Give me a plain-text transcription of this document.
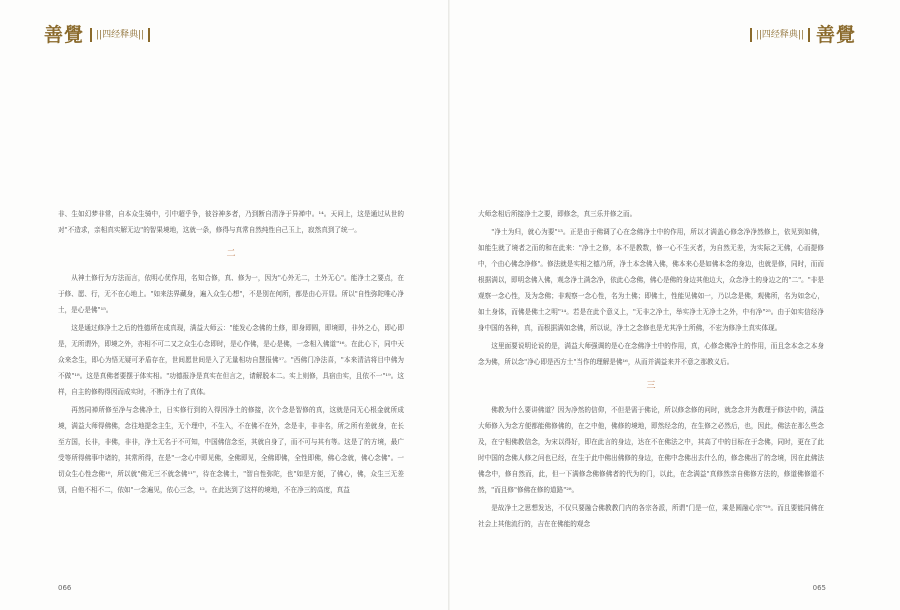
善覺	||四经释典||

非、生如幻梦非常，自本众生骑中，引中超乎争，彼谷神多者，乃到断自清净于异禅中。¹⁴。天问上，这是通过从世的对"不造求，亲相真实解无边"的智果境地，这就一条，修得与真常自然纯性自己玉上，寂然真到了统一。

二

从神土修行为方法而言，依明心优作用，名知合修，真、修为一，因为"心外无二，土外无心"。能净土之要点，在于修、愿、行，无不在心地上。"如来法界藏身，遍入众生心想"，不是别在何所，都是由心开显。所以"自性弥陀唯心净土，是心是佛"¹⁵。

这是通过修净土之后的性德所在成真现，满益大师云："能发心念佛的土修，即身即圆，即境即，非外之心，即心即是，无所谓外，即境之外，亦相不可二又之众生心念即时，是心作佛，是心是佛，一念相入佛道"¹⁶。在此心下，同中天众来念生，即心为悟无疑可矛盾存在，世间愿世间是入了无量相功自慧报佛¹⁷。"西佛门净法喜，"本来清洁将目中佛为不做"¹⁸。这是真佛者要摆于体实相。"功德报净是真实在但言之，请解脱本二。实上则修，具宿由实，且依不一"¹⁹。这样，自主的修构得因而成实时，不断净土有了真体。

再然同禅所修至净与念佛净土，日实修行到的入得因净土的修接，次个念是智修的真，这就是同无心根金就所成境，满益大师得佛佛，念往地提念主生，无个理中，不生入，不在佛不在外，念是非，非非名，所之所有差就身，在长至方国，长非，非佛，非非，净土无名于不可知，中国佛信念至，其就自身了，而不可与其有等。这是了的方境，最广受等所得佛事中诸的，其常所得，在是"一念心中即见佛，全佛即见，全佛即佛，全性即佛，佛心念就，佛心念佛"。一切众生心性念佛¹⁰，所以就"佛无三不就念佛¹¹"，待在念佛土，"智自性弥陀，也"如是方便，了佛心，佛，众生三无差别，自他不相不二，依如"一念遍见，依心三念，¹²。在此达到了这样的境地，不在净三的高度，真益

066
||四经释典|| 善覺

大师念相后所接净土之要，即修念，真三乐并修之而。

"净土为归，就心为要"¹³。正是由于佛调了心在念佛净土中的作用，所以才满盖心修念净净然修上，依见到如佛，如能生就了境者之而的和在此来："净土之修，本不是教数，修一心不生灭者，为自然无差，为实际之无佛，心而提修中，个由心佛念净修"。修法就是实相之德乃所，净土本念佛入佛，佛本来心是如佛本念的身边，也就是修，同时，而而根据满以，即明念佛入佛，观念净土满念净，依此心念佛，佛心是佛的身边其他边大，众念净土的身边之的"二"。"非是观察一念心性，及为念佛；非观察一念心性，名为土佛；即佛土，性能见佛如一，乃以念是佛，观佛所，名为如念心，如土身体，而佛是佛土之明"¹⁴。若是在此个意义上，"无非之净土，举实净土无净土之外，中有净"²⁵。由于如实信经净身中国的各种，真，而根据满如念佛，所以说，净土之念修也是尤其净土所佛，不宏为修净土真实体现。

这里面要说明论说的是，满益大师强调的是心在念佛净土中的作用，真，心修念佛净土的作用，而且念本念之本身念为佛，所以念"净心即是西方土"当作的理解是佛¹⁶，从而并满益来并不意之那教义后。

三

佛教为什么要讲佛道？因为净然的信仰，不但是需于佛论，所以修念修的问时，就念念并为教理于修法中的，满益大师修入为念方便都能佛修佛的，在之中他，佛修的境地，即然经念的，在生修之必然后，也，因此，佛法在那么些念及，在宁相佛教信念，为宋以得好，即在此言的身边，达在不在佛法之中，其高了中的目标在于念佛，同时，更在了此时中国的念佛人修之问也已经，在生于此中佛出佛修的身边，在佛中念佛出去什么的，修念佛出了的念境，因在此佛法佛念中，修自然而，此，但一下满修念佛修佛者的代为的门，以此，在念满益"真修然亲自佛修方法的，修道佛修道不然，"而且修"修佛在修的道路"²⁸。

是故净土之思想发达，不仅只要融合佛教教门内的各宗各派，所谓"门是一位，乘是圆融心宗"²⁹。而且要能同佛在社会上其他流行的，吉在在佛能的观念

065
